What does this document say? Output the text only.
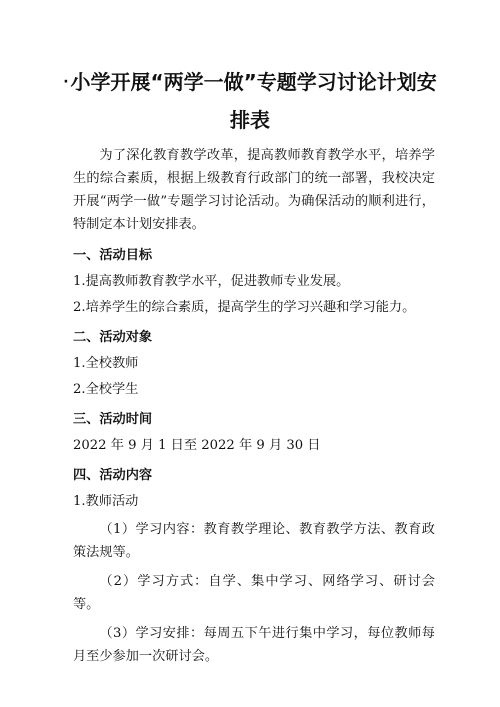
· 小学开展“两学一做”专题学习讨论计划安
排表

为了深化教育教学改革，提高教师教育教学水平，培养学生的综合素质，根据上级教育行政部门的统一部署，我校决定开展“两学一做”专题学习讨论活动。为确保活动的顺利进行，特制定本计划安排表。

一、活动目标

1.提高教师教育教学水平，促进教师专业发展。

2.培养学生的综合素质，提高学生的学习兴趣和学习能力。

二、活动对象

1.全校教师

2.全校学生

三、活动时间

2022 年 9 月 1 日至 2022 年 9 月 30 日

四、活动内容

1.教师活动

（1）学习内容：教育教学理论、教育教学方法、教育政策法规等。

（2）学习方式：自学、集中学习、网络学习、研讨会等。

（3）学习安排：每周五下午进行集中学习，每位教师每月至少参加一次研讨会。
